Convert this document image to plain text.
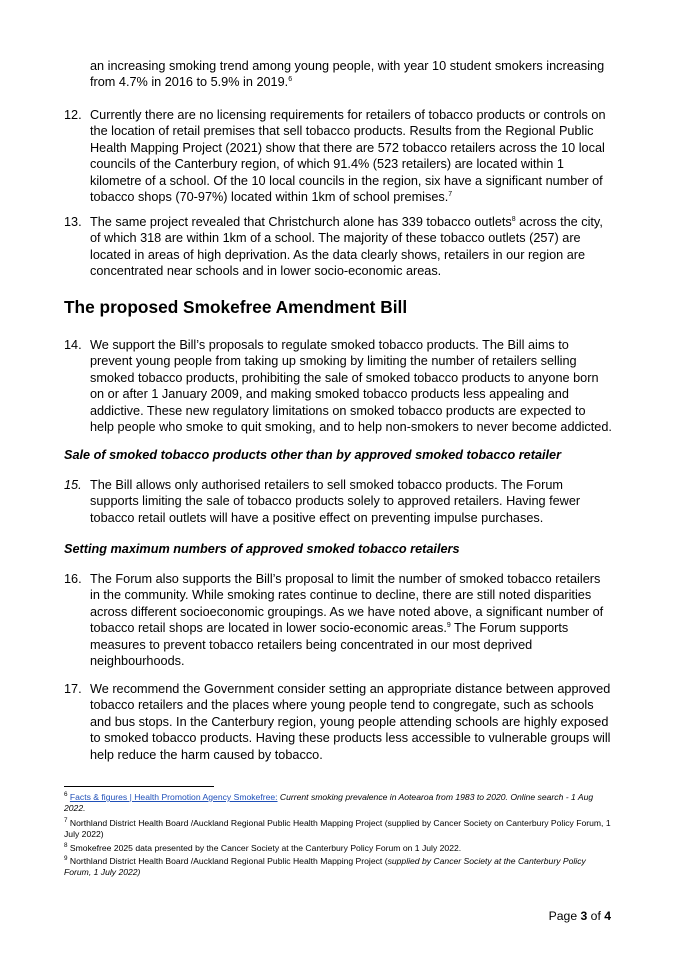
an increasing smoking trend among young people, with year 10 student smokers increasing from 4.7% in 2016 to 5.9% in 2019.$^6$

12. Currently there are no licensing requirements for retailers of tobacco products or controls on the location of retail premises that sell tobacco products. Results from the Regional Public Health Mapping Project (2021) show that there are 572 tobacco retailers across the 10 local councils of the Canterbury region, of which 91.4% (523 retailers) are located within 1 kilometre of a school. Of the 10 local councils in the region, six have a significant number of tobacco shops (70-97%) located within 1km of school premises.$^7$

13. The same project revealed that Christchurch alone has 339 tobacco outlets$^8$ across the city, of which 318 are within 1km of a school. The majority of these tobacco outlets (257) are located in areas of high deprivation. As the data clearly shows, retailers in our region are concentrated near schools and in lower socio-economic areas.

The proposed Smokefree Amendment Bill

14. We support the Bill’s proposals to regulate smoked tobacco products. The Bill aims to prevent young people from taking up smoking by limiting the number of retailers selling smoked tobacco products, prohibiting the sale of smoked tobacco products to anyone born on or after 1 January 2009, and making smoked tobacco products less appealing and addictive. These new regulatory limitations on smoked tobacco products are expected to help people who smoke to quit smoking, and to help non-smokers to never become addicted.

Sale of smoked tobacco products other than by approved smoked tobacco retailer

15. The Bill allows only authorised retailers to sell smoked tobacco products. The Forum supports limiting the sale of tobacco products solely to approved retailers. Having fewer tobacco retail outlets will have a positive effect on preventing impulse purchases.

Setting maximum numbers of approved smoked tobacco retailers

16. The Forum also supports the Bill’s proposal to limit the number of smoked tobacco retailers in the community. While smoking rates continue to decline, there are still noted disparities across different socioeconomic groupings. As we have noted above, a significant number of tobacco retail shops are located in lower socio-economic areas.$^9$ The Forum supports measures to prevent tobacco retailers being concentrated in our most deprived neighbourhoods.

17. We recommend the Government consider setting an appropriate distance between approved tobacco retailers and the places where young people tend to congregate, such as schools and bus stops. In the Canterbury region, young people attending schools are highly exposed to smoked tobacco products. Having these products less accessible to vulnerable groups will help reduce the harm caused by tobacco.

$^6$ Facts & figures | Health Promotion Agency Smokefree: Current smoking prevalence in Aotearoa from 1983 to 2020. Online search - 1 Aug 2022.

$^7$ Northland District Health Board /Auckland Regional Public Health Mapping Project (supplied by Cancer Society on Canterbury Policy Forum, 1 July 2022)

$^8$ Smokefree 2025 data presented by the Cancer Society at the Canterbury Policy Forum on 1 July 2022.

$^9$ Northland District Health Board /Auckland Regional Public Health Mapping Project (supplied by Cancer Society at the Canterbury Policy Forum, 1 July 2022)

Page 3 of 4
